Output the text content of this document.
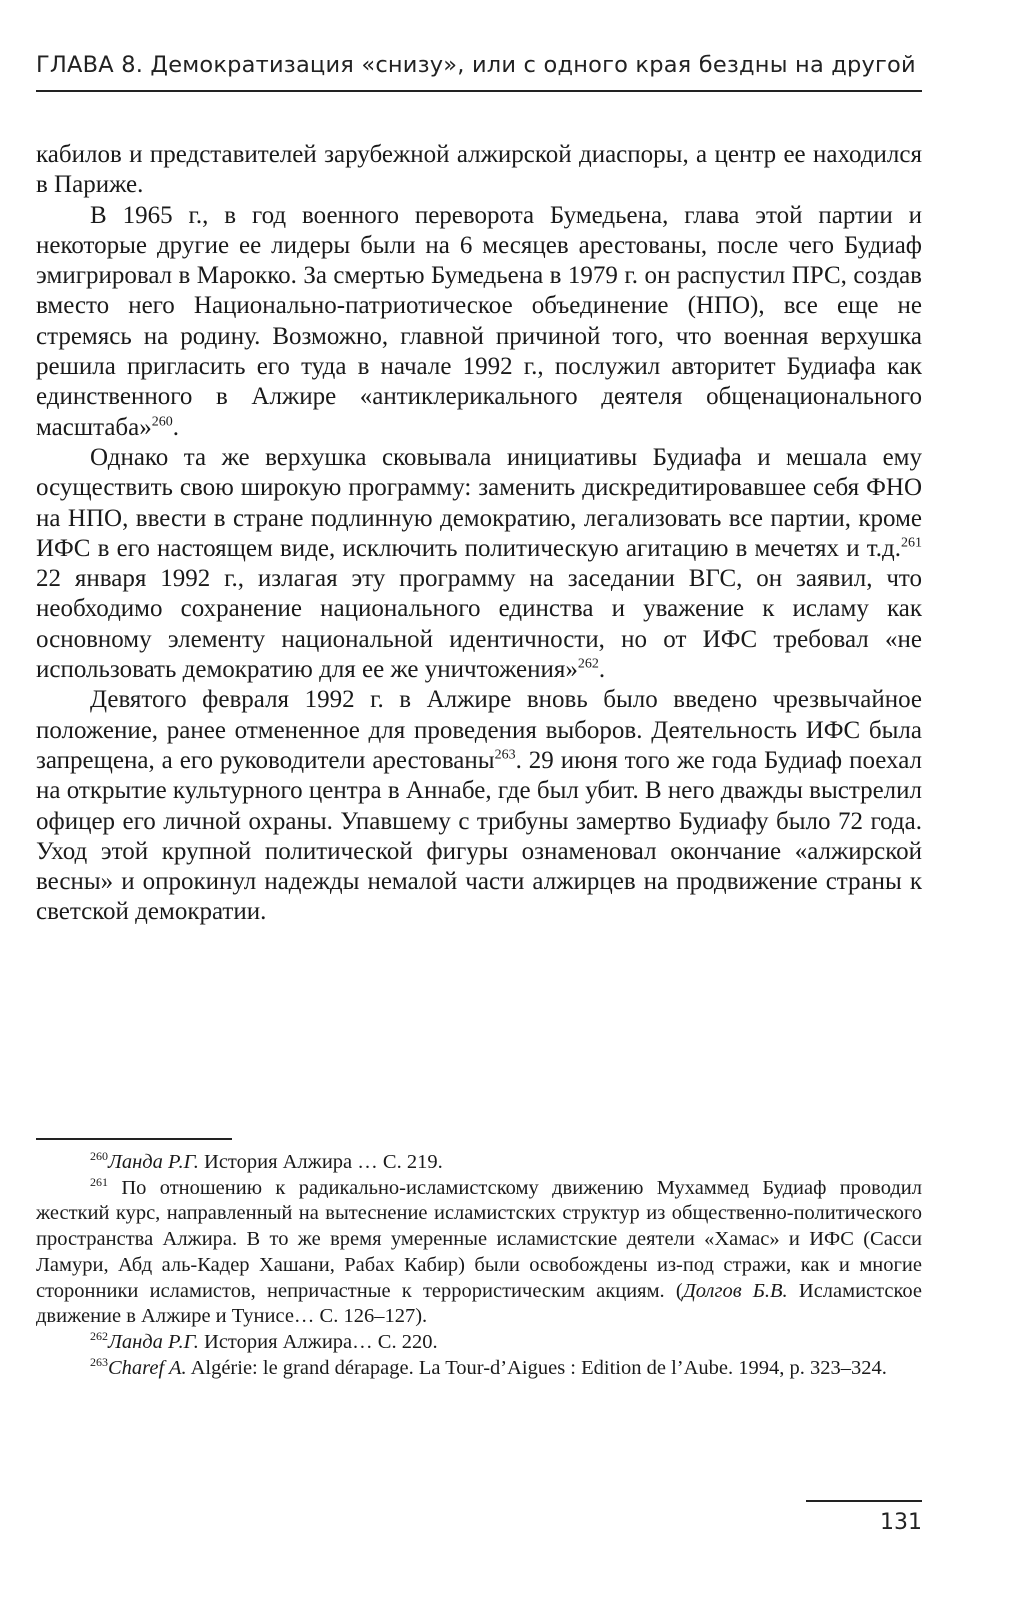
ГЛАВА 8. Демократизация «снизу», или с одного края бездны на другой

кабилов и представителей зарубежной алжирской диаспоры, а центр ее находился в Париже.

В 1965 г., в год военного переворота Бумедьена, глава этой партии и некоторые другие ее лидеры были на 6 месяцев арестованы, после чего Будиаф эмигрировал в Марокко. За смертью Бумедьена в 1979 г. он распустил ПРС, создав вместо него Национально-патриотическое объединение (НПО), все еще не стремясь на родину. Возможно, главной причиной того, что военная верхушка решила пригласить его туда в начале 1992 г., послужил авторитет Будиафа как единственного в Алжире «антиклерикального деятеля общенационального масштаба»$^{260}$.

Однако та же верхушка сковывала инициативы Будиафа и мешала ему осуществить свою широкую программу: заменить дискредитировавшее себя ФНО на НПО, ввести в стране подлинную демократию, легализовать все партии, кроме ИФС в его настоящем виде, исключить политическую агитацию в мечетях и т.д.$^{261}$ 22 января 1992 г., излагая эту программу на заседании ВГС, он заявил, что необходимо сохранение национального единства и уважение к исламу как основному элементу национальной идентичности, но от ИФС требовал «не использовать демократию для ее же уничтожения»$^{262}$.

Девятого февраля 1992 г. в Алжире вновь было введено чрезвычайное положение, ранее отмененное для проведения выборов. Деятельность ИФС была запрещена, а его руководители арестованы$^{263}$. 29 июня того же года Будиаф поехал на открытие культурного центра в Аннабе, где был убит. В него дважды выстрелил офицер его личной охраны. Упавшему с трибуны замертво Будиафу было 72 года. Уход этой крупной политической фигуры ознаменовал окончание «алжирской весны» и опрокинул надежды немалой части алжирцев на продвижение страны к светской демократии.

$^{260}$Ланда Р.Г. История Алжира … С. 219.

$^{261}$ По отношению к радикально-исламистскому движению Мухаммед Будиаф проводил жесткий курс, направленный на вытеснение исламистских структур из общественно-политического пространства Алжира. В то же время умеренные исламистские деятели «Хамас» и ИФС (Сасси Ламури, Абд аль-Кадер Хашани, Рабах Кабир) были освобождены из-под стражи, как и многие сторонники исламистов, непричастные к террористическим акциям. (Долгов Б.В. Исламистское движение в Алжире и Тунисе… С. 126–127).

$^{262}$Ланда Р.Г. История Алжира… С. 220.

$^{263}$Charef A. Algérie: le grand dérapage. La Tour-d’Aigues : Edition de l’Aube. 1994, p. 323–324.

131
